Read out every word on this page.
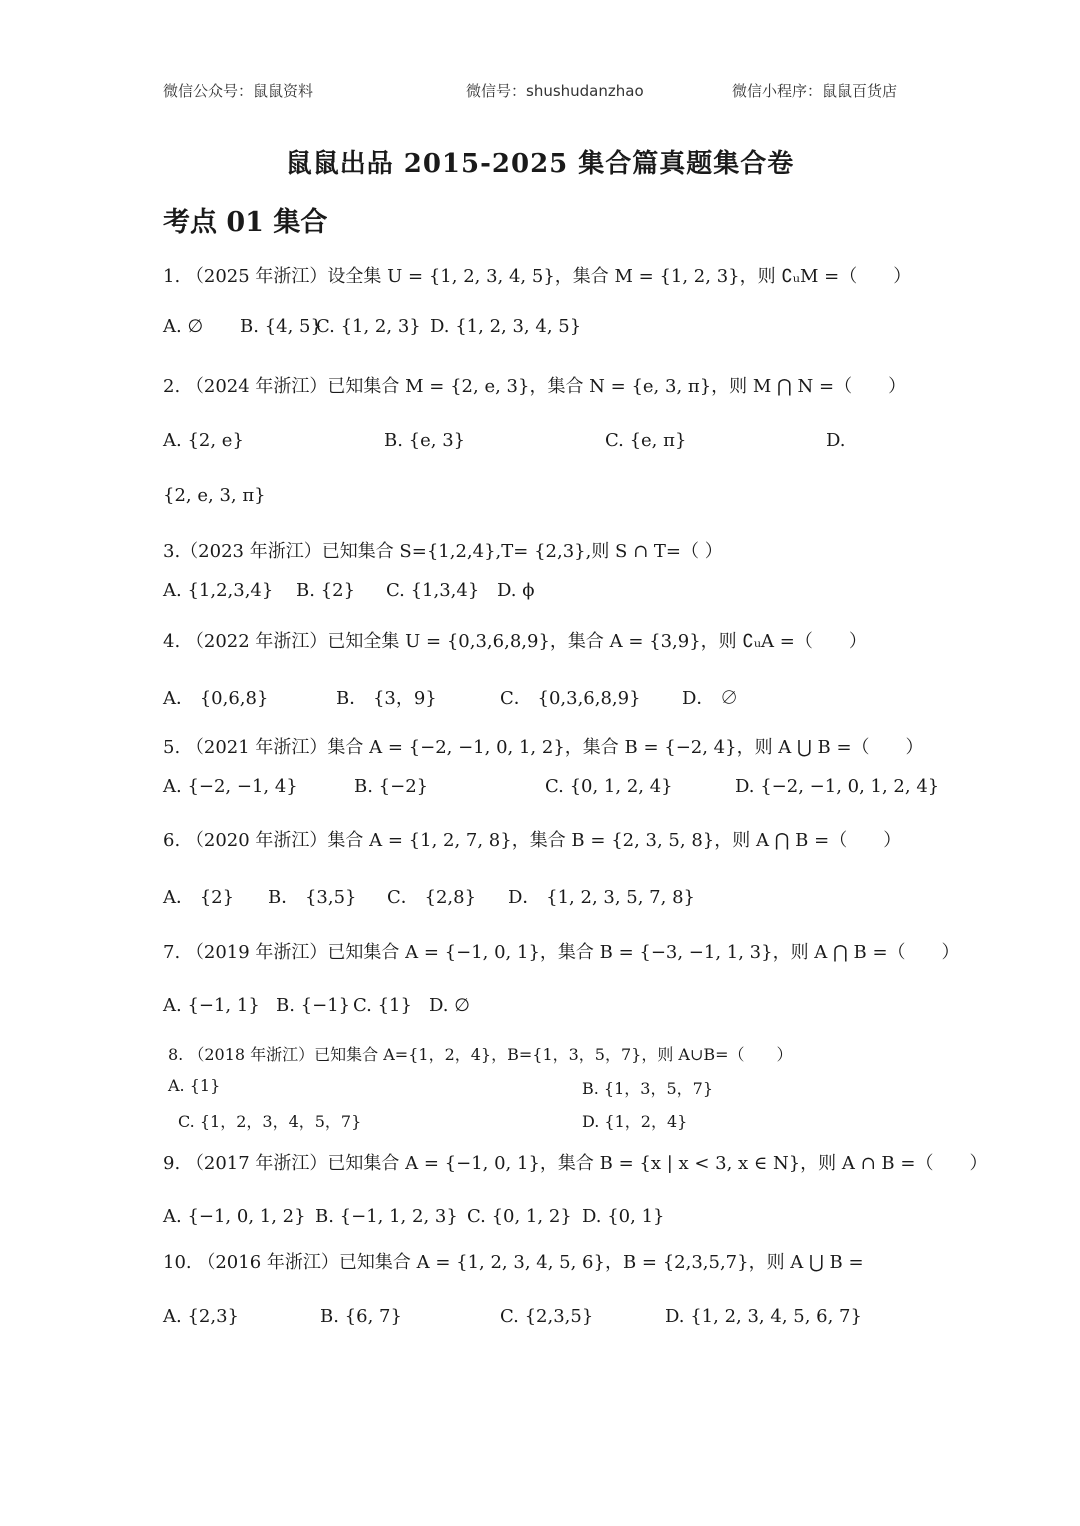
微信公众号：鼠鼠资料	微信号：shushudanzhao	微信小程序：鼠鼠百货店
鼠鼠出品 2015-2025 集合篇真题集合卷
考点 01 集合
1. （2025 年浙江）设全集 U = {1, 2, 3, 4, 5}，集合 M = {1, 2, 3}，则 ∁ᵤM =（　　）
A. ∅ B. {4, 5}
C. {1, 2, 3} D. {1, 2, 3, 4, 5}
2. （2024 年浙江）已知集合 M = {2, e, 3}，集合 N = {e, 3, π}，则 M ⋂ N =（　　）
A. {2, e}	B. {e, 3}	C. {e, π}	D.
{2, e, 3, π}
3.（2023 年浙江）已知集合 S={1,2,4},T= {2,3},则 S ∩ T=（ ）
A. {1,2,3,4} B. {2} C. {1,3,4} D. ϕ
4. （2022 年浙江）已知全集 U = {0,3,6,8,9}，集合 A = {3,9}，则 ∁ᵤA =（　　）
A． {0,6,8}	B． {3，9}	C． {0,3,6,8,9} D． ∅
5. （2021 年浙江）集合 A = {−2, −1, 0, 1, 2}，集合 B = {−2, 4}，则 A ⋃ B =（　　）
A. {−2, −1, 4}	B. {−2}	C. {0, 1, 2, 4}	D. {−2, −1, 0, 1, 2, 4}
6. （2020 年浙江）集合 A = {1, 2, 7, 8}，集合 B = {2, 3, 5, 8}，则 A ⋂ B =（　　）
A． {2} B． {3,5} C． {2,8} D． {1, 2, 3, 5, 7, 8}
7. （2019 年浙江）已知集合 A = {−1, 0, 1}，集合 B = {−3, −1, 1, 3}，则 A ⋂ B =（　　）
A. {−1, 1} B. {−1} C. {1} D. ∅
8. （2018 年浙江）已知集合 A={1，2，4}，B={1，3，5，7}，则 A∪B=（　　）
A. {1}	B. {1，3，5，7}
C. {1，2，3，4，5，7}	D. {1，2，4}
9. （2017 年浙江）已知集合 A = {−1, 0, 1}，集合 B = {x | x < 3, x ∈ N}，则 A ∩ B =（　　）
A. {−1, 0, 1, 2} B. {−1, 1, 2, 3} C. {0, 1, 2} D. {0, 1}
10. （2016 年浙江）已知集合 A = {1, 2, 3, 4, 5, 6}，B = {2,3,5,7}，则 A ⋃ B =
A. {2,3}	B. {6, 7}	C. {2,3,5}	D. {1, 2, 3, 4, 5, 6, 7}
